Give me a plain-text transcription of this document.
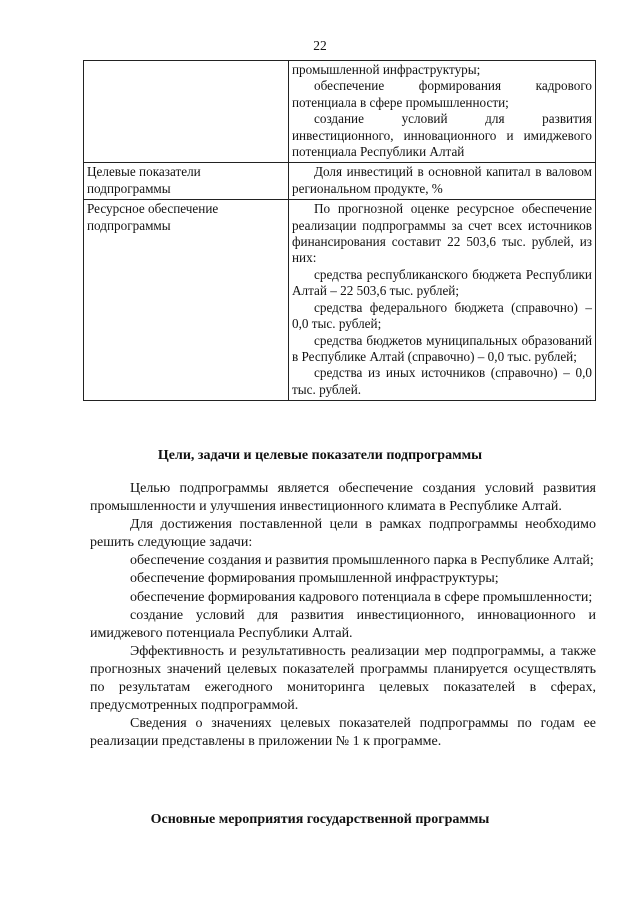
22

	промышленной инфраструктуры;

обеспечение формирования кадрового потенциала в сфере промышленности;

создание условий для развития инвестиционного, инновационного и имиджевого потенциала Республики Алтай

Целевые показатели подпрограммы	Доля инвестиций в основной капитал в валовом региональном продукте, %

Ресурсное обеспечение подпрограммы	По прогнозной оценке ресурсное обеспечение реализации подпрограммы за счет всех источников финансирования составит 22 503,6 тыс. рублей, из них:

средства республиканского бюджета Республики Алтай – 22 503,6 тыс. рублей;

средства федерального бюджета (справочно) – 0,0 тыс. рублей;

средства бюджетов муниципальных образований в Республике Алтай (справочно) – 0,0 тыс. рублей;

средства из иных источников (справочно) – 0,0 тыс. рублей.

Цели, задачи и целевые показатели подпрограммы

Целью подпрограммы является обеспечение создания условий развития промышленности и улучшения инвестиционного климата в Республике Алтай.

Для достижения поставленной цели в рамках подпрограммы необходимо решить следующие задачи:

обеспечение создания и развития промышленного парка в Республике Алтай;

обеспечение формирования промышленной инфраструктуры;

обеспечение формирования кадрового потенциала в сфере промышленности;

создание условий для развития инвестиционного, инновационного и имиджевого потенциала Республики Алтай.

Эффективность и результативность реализации мер подпрограммы, а также прогнозных значений целевых показателей программы планируется осуществлять по результатам ежегодного мониторинга целевых показателей в сферах, предусмотренных подпрограммой.

Сведения о значениях целевых показателей подпрограммы по годам ее реализации представлены в приложении № 1 к программе.

Основные мероприятия государственной программы
